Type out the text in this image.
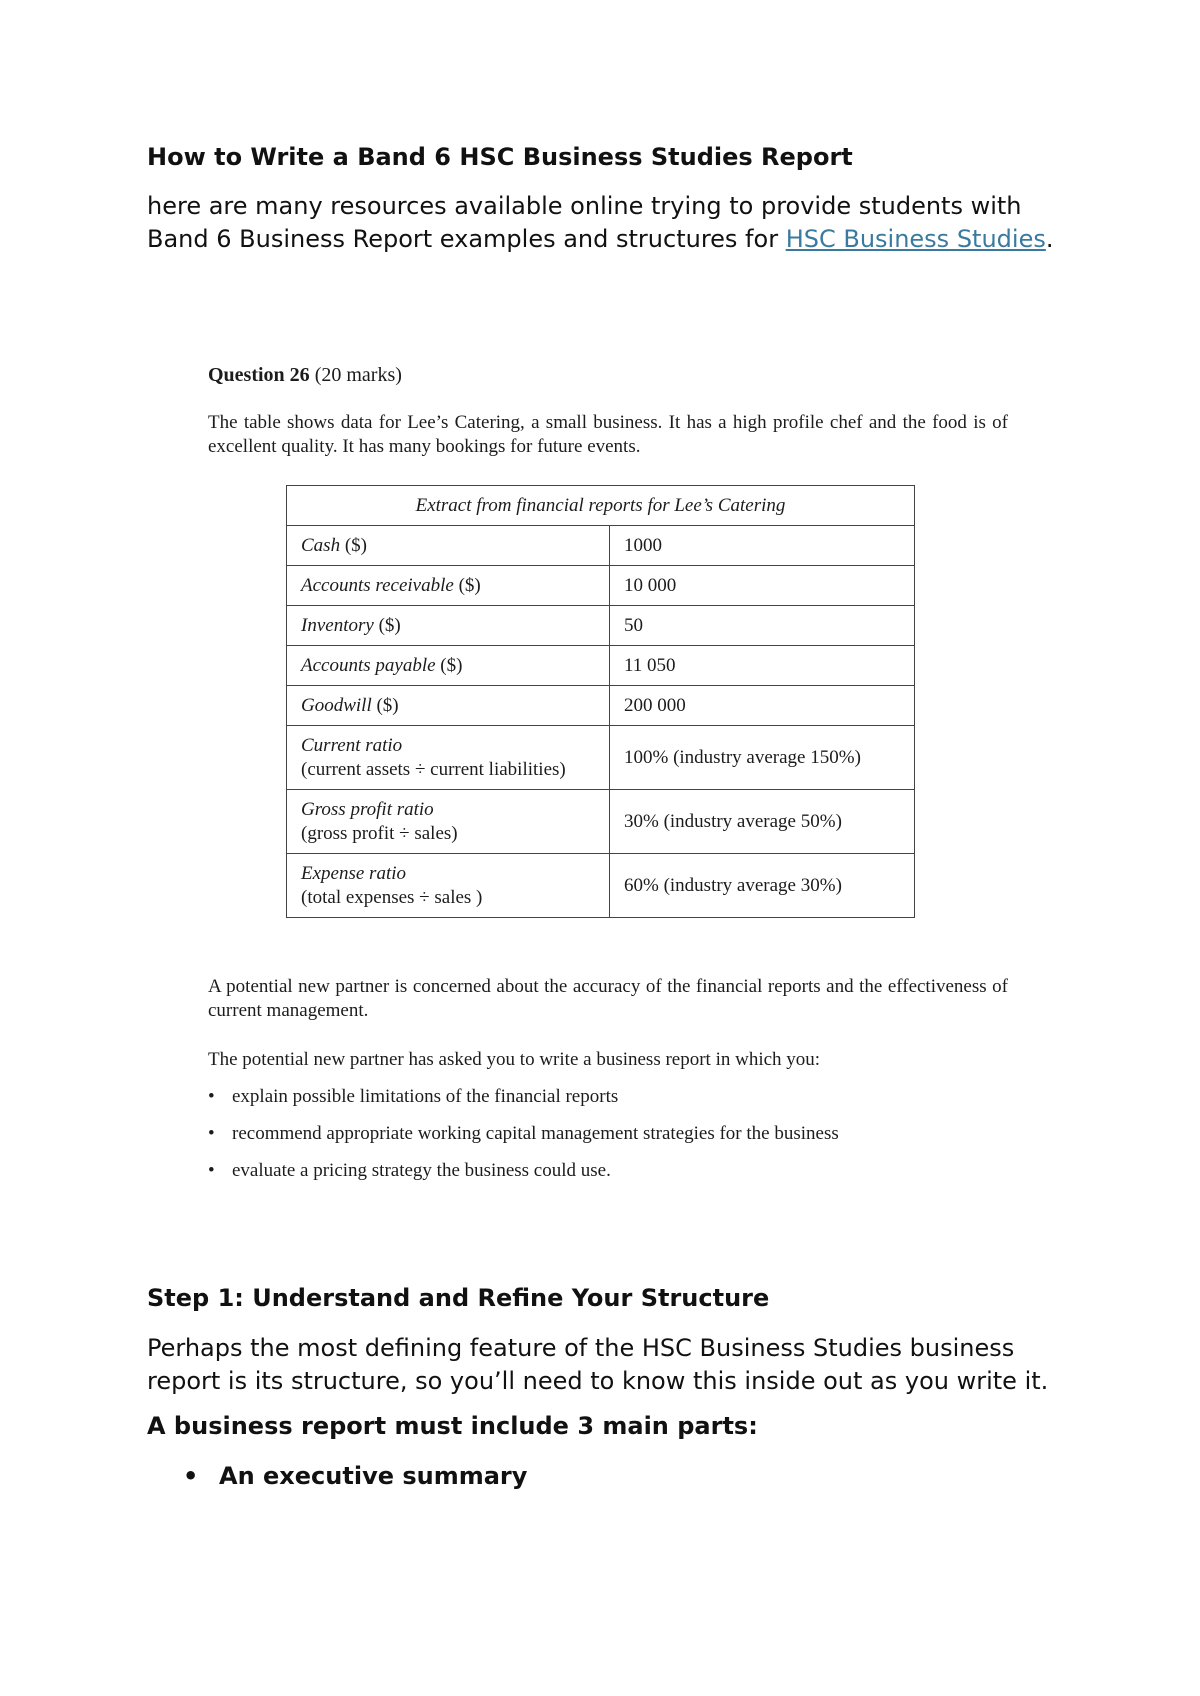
How to Write a Band 6 HSC Business Studies Report
here are many resources available online trying to provide students with Band 6 Business Report examples and structures for HSC Business Studies.
Question 26 (20 marks)
The table shows data for Lee’s Catering, a small business. It has a high profile chef and the food is of excellent quality. It has many bookings for future events.
Extract from financial reports for Lee’s Catering	
Cash ($)	1000
Accounts receivable ($)	10 000
Inventory ($)	50
Accounts payable ($)	11 050
Goodwill ($)	200 000
Current ratio
(current assets ÷ current liabilities)	100% (industry average 150%)
Gross profit ratio
(gross profit ÷ sales)	30% (industry average 50%)
Expense ratio
(total expenses ÷ sales )	60% (industry average 30%)
A potential new partner is concerned about the accuracy of the financial reports and the effectiveness of current management.
The potential new partner has asked you to write a business report in which you:
• explain possible limitations of the financial reports
• recommend appropriate working capital management strategies for the business
• evaluate a pricing strategy the business could use.
Step 1: Understand and Refine Your Structure
Perhaps the most defining feature of the HSC Business Studies business report is its structure, so you’ll need to know this inside out as you write it.
A business report must include 3 main parts:
• An executive summary
